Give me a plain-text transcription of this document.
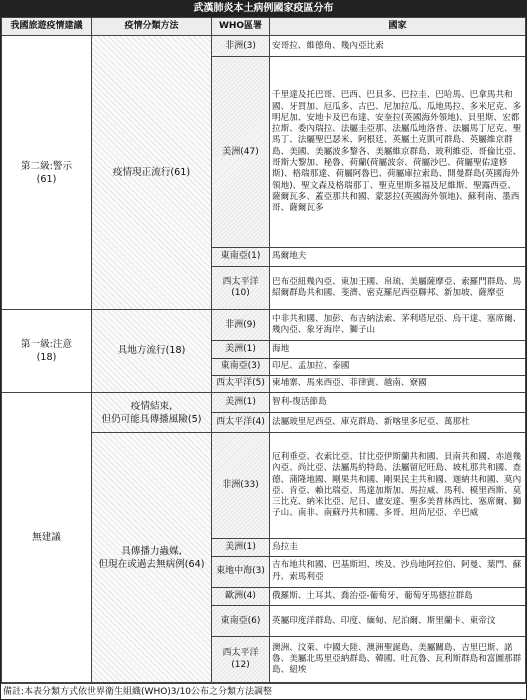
武漢肺炎本土病例國家疫區分布
我國旅遊疫情建議	疫情分類方法	WHO區署	國家

第二級:警示
(61)	疫情現正流行(61)	非洲(3)	安哥拉、維德角、幾內亞比索
		美洲(47)	千里達及托巴哥、巴西、巴貝多、巴拉圭、巴哈馬、巴拿馬共和國、牙買加、厄瓜多、古巴、尼加拉瓜、瓜地馬拉、多米尼克、多明尼加、安地卡及巴布達、安奎拉(英國海外領地)、貝里斯、宏都拉斯、委內瑞拉、法屬圭亞那、法屬瓜地洛普、法屬馬丁尼克、聖馬丁、法屬聖巴瑟米、阿根廷、英屬土克凱可群島、英屬維京群島、美國、美屬波多黎各、美屬維京群島、玻利維亞、哥倫比亞、哥斯大黎加、秘魯、荷蘭(荷屬波奈、荷屬沙巴、荷屬聖佑達修斯)、格瑞那達、荷屬阿魯巴、荷屬庫拉索島、開曼群島(英國海外領地)、聖文森及格瑞那丁、聖克里斯多福及尼維斯、聖露西亞、薩爾瓦多、蓋亞那共和國、蒙瑟拉(英國海外領地)、蘇利南、墨西哥、薩爾瓦多
		東南亞(1)	馬爾地夫
		西太平洋(10)	巴布亞紐幾內亞、東加王國、帛琉、美屬薩摩亞、索羅門群島、馬紹爾群島共和國、斐濟、密克羅尼西亞聯邦、新加坡、薩摩亞

第一級:注意
(18)	具地方流行(18)	非洲(9)	中非共和國、加彭、布吉納法索、茅利塔尼亞、烏干達、塞席爾、幾內亞、象牙海岸、獅子山
		美洲(1)	海地
		東南亞(3)	印尼、孟加拉、泰國
		西太平洋(5)	柬埔寨、馬來西亞、菲律賓、越南、寮國
無建議	疫情結束,
但仍可能具傳播風險(5)	美洲(1)	智利-復活節島
		西太平洋(4)	法屬玻里尼西亞、庫克群島、新喀里多尼亞、萬那杜
	具傳播力蟲媒,
但現在或過去無病例(64)	非洲(33)	厄利垂亞、衣索比亞、甘比亞伊斯蘭共和國、貝南共和國、赤道幾內亞、尚比亞、法屬馬約特島、法屬留尼旺島、坡札那共和國、查德、蒲隆地國、剛果共和國、剛果民主共和國、迦納共和國、莫內亞、肯亞、賴比瑞亞、馬達加斯加、馬拉威、馬利、模里西斯、莫三比克、納米比亞、尼日、盧安達、聖多美普林西比、塞席爾、獅子山、南非、南蘇丹共和國、多哥、坦尚尼亞、辛巴威
		美洲(1)	烏拉圭
		東地中海(3)	吉布地共和國、巴基斯坦、埃及、沙烏地阿拉伯、阿曼、葉門、蘇丹、索馬利亞
		歐洲(4)	俄羅斯、土耳其、喬治亞-葡萄牙、葡萄牙馬德拉群島
		東南亞(6)	英屬印度洋群島、印度、緬甸、尼泊爾、斯里蘭卡、東帝汶
		西太平洋(12)	澳洲、汶萊、中國大陸、澳洲聖誕島、美屬關島、吉里巴斯、諾魯、美屬北馬里亞納群島、韓國、吐瓦魯、瓦利斯群島和富圖那群島、紐埃
備註:本表分類方式依世界衛生組織(WHO)3/10公布之分類方法調整
